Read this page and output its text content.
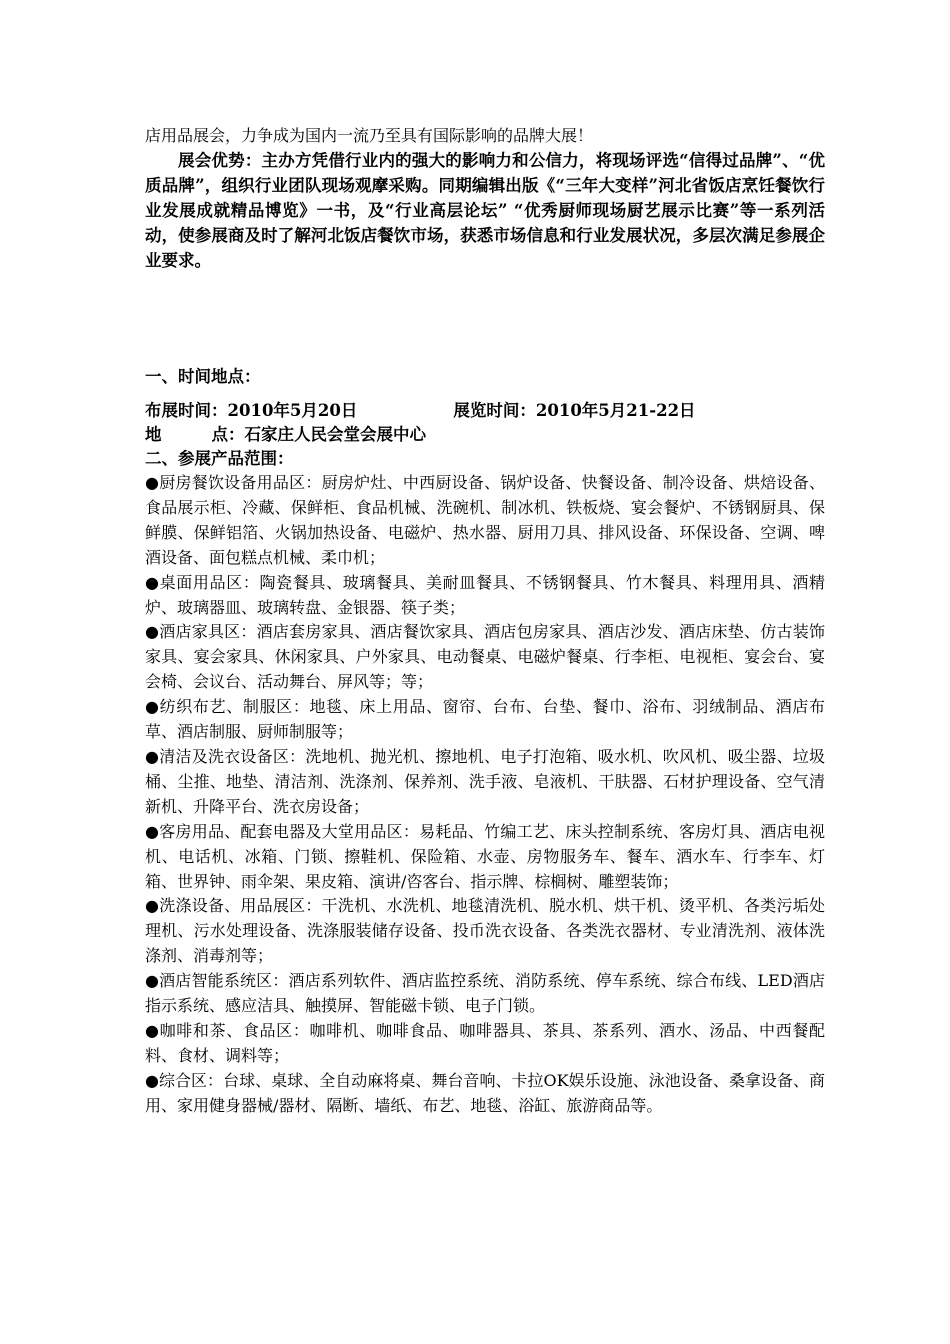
店用品展会，力争成为国内一流乃至具有国际影响的品牌大展！

展会优势：主办方凭借行业内的强大的影响力和公信力，将现场评选“信得过品牌”、“优质品牌”，组织行业团队现场观摩采购。同期编辑出版《“三年大变样”河北省饭店烹饪餐饮行业发展成就精品博览》一书，及“行业高层论坛” “优秀厨师现场厨艺展示比赛”等一系列活动，使参展商及时了解河北饭店餐饮市场，获悉市场信息和行业发展状况，多层次满足参展企业要求。

一、时间地点：

布展时间：2010年5月20日	展览时间：2010年5月21-22日

地	点：石家庄人民会堂会展中心

二、参展产品范围：

●厨房餐饮设备用品区：厨房炉灶、中西厨设备、锅炉设备、快餐设备、制冷设备、烘焙设备、食品展示柜、冷藏、保鲜柜、食品机械、洗碗机、制冰机、铁板烧、宴会餐炉、不锈钢厨具、保鲜膜、保鲜铝箔、火锅加热设备、电磁炉、热水器、厨用刀具、排风设备、环保设备、空调、啤酒设备、面包糕点机械、柔巾机；

●桌面用品区：陶瓷餐具、玻璃餐具、美耐皿餐具、不锈钢餐具、竹木餐具、料理用具、酒精炉、玻璃器皿、玻璃转盘、金银器、筷子类；

●酒店家具区：酒店套房家具、酒店餐饮家具、酒店包房家具、酒店沙发、酒店床垫、仿古装饰家具、宴会家具、休闲家具、户外家具、电动餐桌、电磁炉餐桌、行李柜、电视柜、宴会台、宴会椅、会议台、活动舞台、屏风等；等；

●纺织布艺、制服区：地毯、床上用品、窗帘、台布、台垫、餐巾、浴布、羽绒制品、酒店布草、酒店制服、厨师制服等；

●清洁及洗衣设备区：洗地机、抛光机、擦地机、电子打泡箱、吸水机、吹风机、吸尘器、垃圾桶、尘推、地垫、清洁剂、洗涤剂、保养剂、洗手液、皂液机、干肤器、石材护理设备、空气清新机、升降平台、洗衣房设备；

●客房用品、配套电器及大堂用品区：易耗品、竹编工艺、床头控制系统、客房灯具、酒店电视机、电话机、冰箱、门锁、擦鞋机、保险箱、水壶、房物服务车、餐车、酒水车、行李车、灯箱、世界钟、雨伞架、果皮箱、演讲/咨客台、指示牌、棕榈树、雕塑装饰；

●洗涤设备、用品展区：干洗机、水洗机、地毯清洗机、脱水机、烘干机、烫平机、各类污垢处理机、污水处理设备、洗涤服装储存设备、投币洗衣设备、各类洗衣器材、专业清洗剂、液体洗涤剂、消毒剂等；

●酒店智能系统区：酒店系列软件、酒店监控系统、消防系统、停车系统、综合布线、LED酒店指示系统、感应洁具、触摸屏、智能磁卡锁、电子门锁。

●咖啡和茶、食品区：咖啡机、咖啡食品、咖啡器具、茶具、茶系列、酒水、汤品、中西餐配料、食材、调料等；

●综合区：台球、桌球、全自动麻将桌、舞台音响、卡拉OK娱乐设施、泳池设备、桑拿设备、商用、家用健身器械/器材、隔断、墙纸、布艺、地毯、浴缸、旅游商品等。
